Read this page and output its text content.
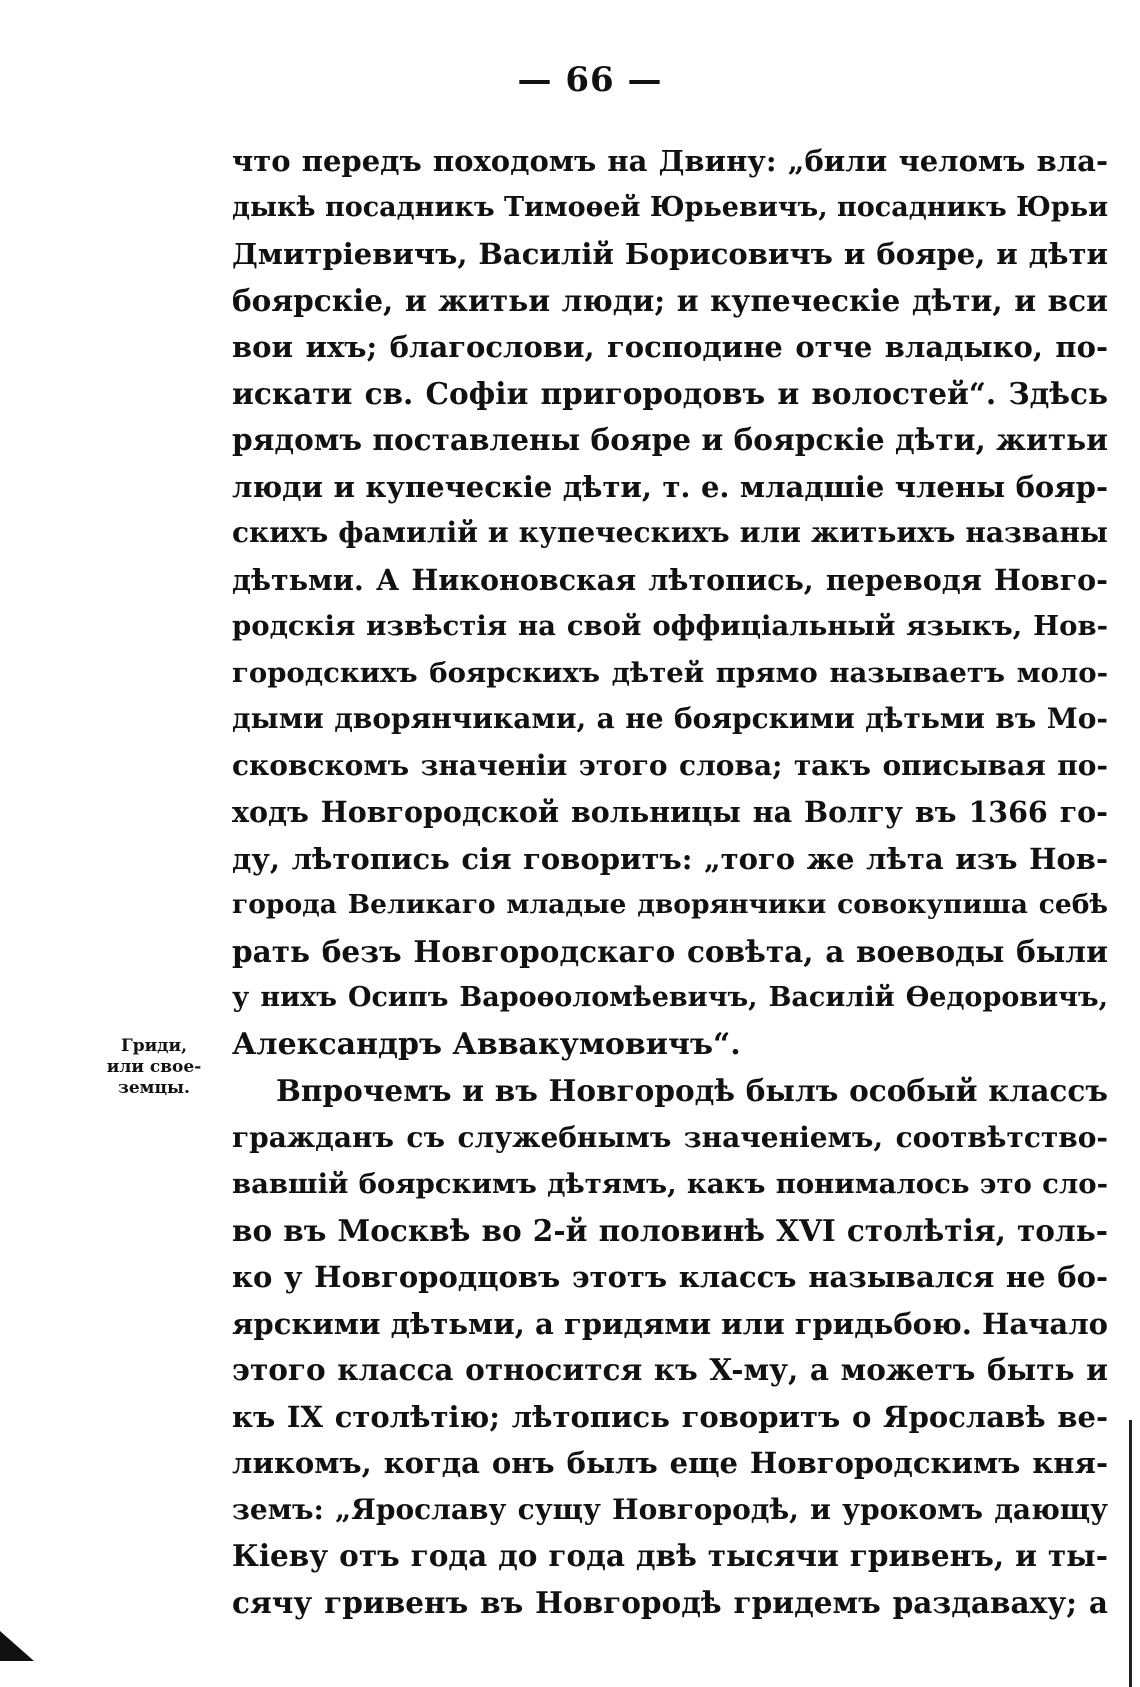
— 66 —
что передъ походомъ на Двину: „били челомъ вла-
дыкѣ посадникъ Тимоѳей Юрьевичъ, посадникъ Юрьи
Дмитріевичъ, Василій Борисовичъ и бояре, и дѣти
боярскіе, и житьи люди; и купеческіе дѣти, и вси
вои ихъ; благослови, господине отче владыко, по-
искати св. Софіи пригородовъ и волостей“. Здѣсь
рядомъ поставлены бояре и боярскіе дѣти, житьи
люди и купеческіе дѣти, т. е. младшіе члены бояр-
скихъ фамилій и купеческихъ или житьихъ названы
дѣтьми. А Никоновская лѣтопись, переводя Новго-
родскія извѣстія на свой оффиціальный языкъ, Нов-
городскихъ боярскихъ дѣтей прямо называетъ моло-
дыми дворянчиками, а не боярскими дѣтьми въ Мо-
сковскомъ значеніи этого слова; такъ описывая по-
ходъ Новгородской вольницы на Волгу въ 1366 го-
ду, лѣтопись сія говоритъ: „того же лѣта изъ Нов-
города Великаго младые дворянчики совокупиша себѣ
рать безъ Новгородскаго совѣта, а воеводы были
у нихъ Осипъ Вароѳоломѣевичъ, Василій Ѳедоровичъ,
Александръ Аввакумовичъ“.
Впрочемъ и въ Новгородѣ былъ особый классъ
гражданъ съ служебнымъ значеніемъ, соотвѣтство-
вавшій боярскимъ дѣтямъ, какъ понималось это сло-
во въ Москвѣ во 2-й половинѣ XVI столѣтія, толь-
ко у Новгородцовъ этотъ классъ назывался не бо-
ярскими дѣтьми, а гридями или гридьбою. Начало
этого класса относится къ X-му, а можетъ быть и
къ IX столѣтію; лѣтопись говоритъ о Ярославѣ ве-
ликомъ, когда онъ былъ еще Новгородскимъ кня-
земъ: „Ярославу сущу Новгородѣ, и урокомъ дающу
Кіеву отъ года до года двѣ тысячи гривенъ, и ты-
сячу гривенъ въ Новгородѣ гридемъ раздаваху; а
Гриди,
или свое-
земцы.
